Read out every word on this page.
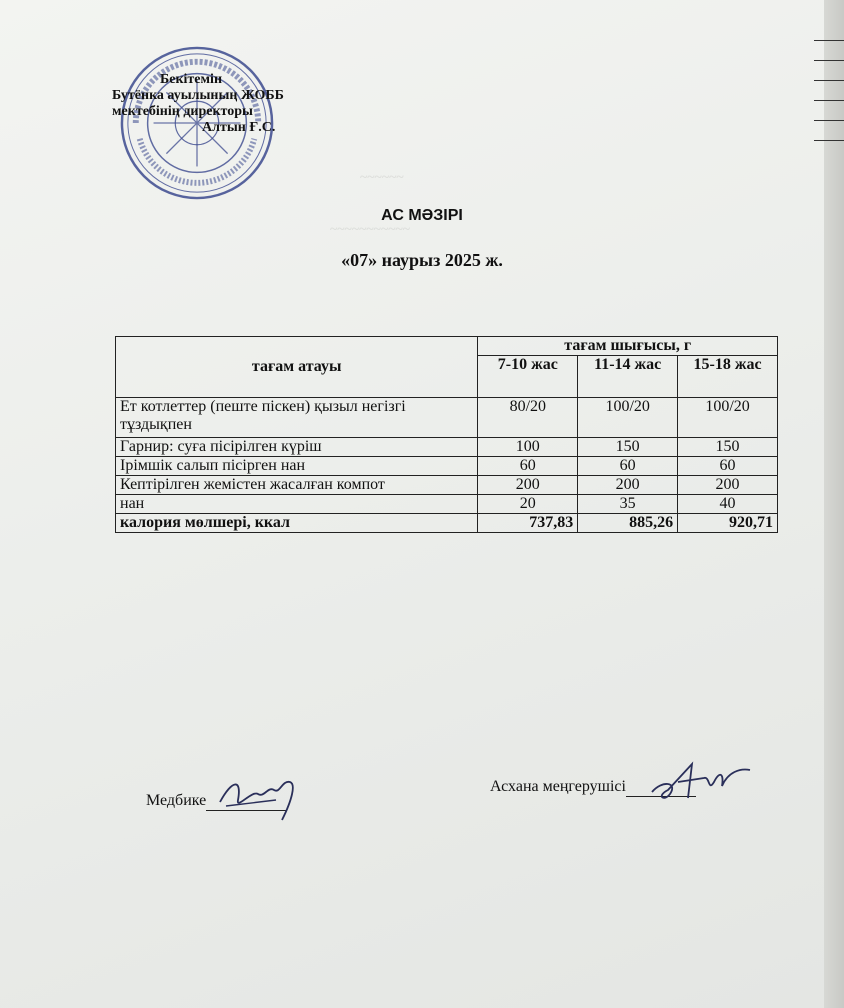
~~~~~~
~~~~~~~~~~~
Бекітемін
Бутёнка ауылының ЖОББ
мектебінің директоры
Алтын Ғ.С.
АС МӘЗІРІ
«07» наурыз 2025 ж.
тағам атауы	тағам шығысы, г		
	7-10 жас	11-14 жас	15-18 жас
Ет котлеттер (пеште піскен) қызыл негізгі тұздықпен	80/20	100/20	100/20
Гарнир: суға пісірілген күріш	100	150	150
Ірімшік салып пісірген нан	60	60	60
Кептірілген жемістен жасалған компот	200	200	200
нан	20	35	40
калория мөлшері, ккал	737,83	885,26	920,71
Медбике
Асхана меңгерушісі
